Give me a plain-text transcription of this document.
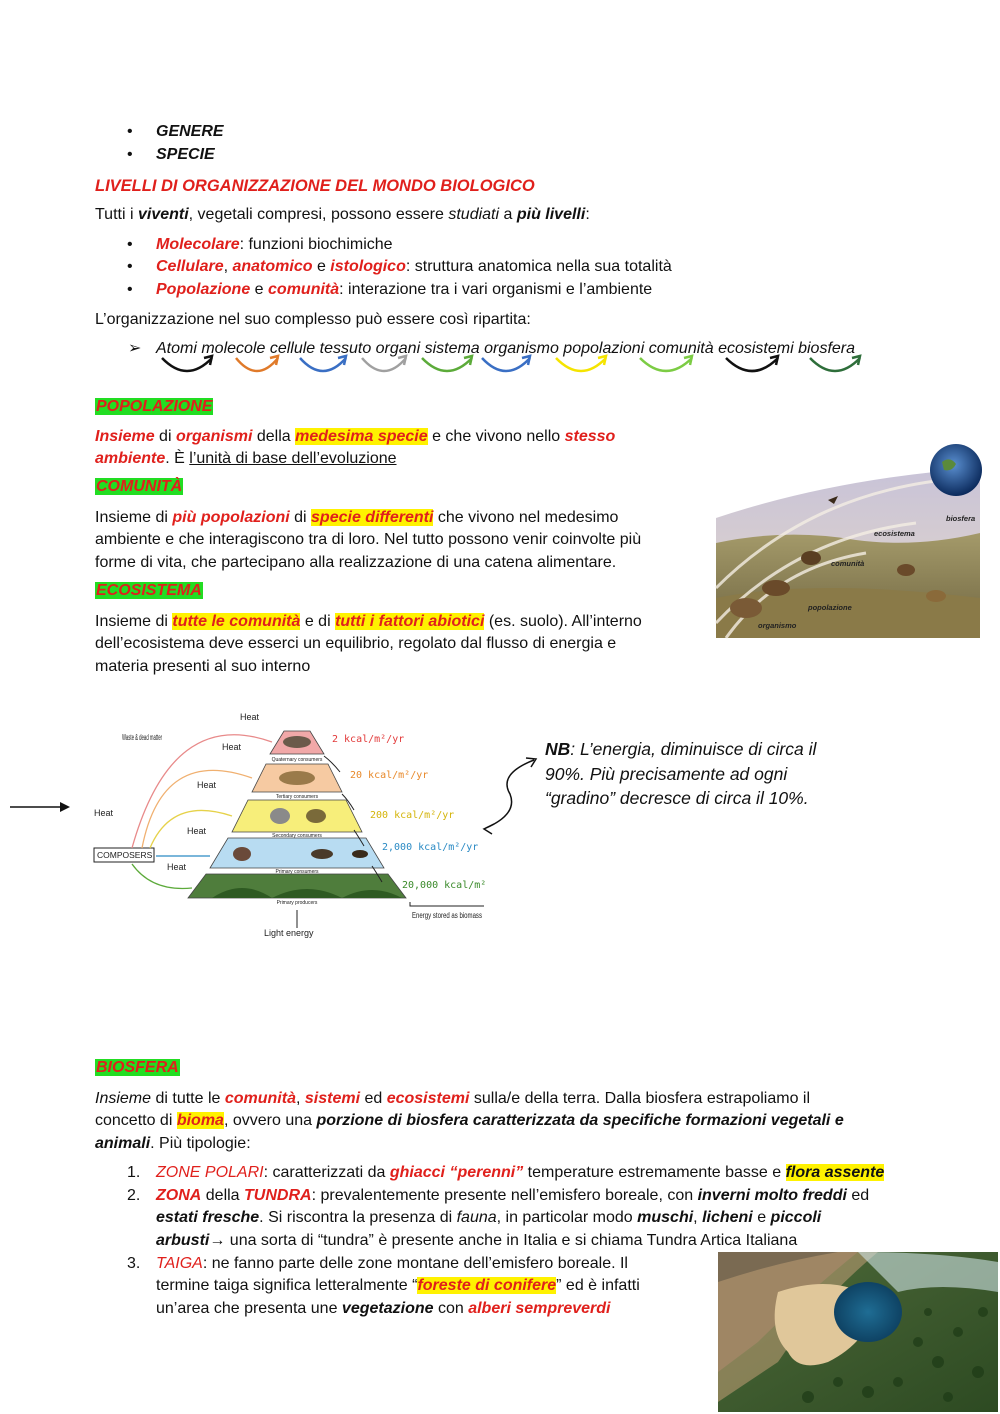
• GENERE
• SPECIE
LIVELLI DI ORGANIZZAZIONE DEL MONDO BIOLOGICO
Tutti i viventi, vegetali compresi, possono essere studiati a più livelli:
• Molecolare: funzioni biochimiche
• Cellulare, anatomico e istologico: struttura anatomica nella sua totalità
• Popolazione e comunità: interazione tra i vari organismi e l’ambiente
L’organizzazione nel suo complesso può essere così ripartita:
➢ Atomi molecole cellule tessuto organi sistema organismo popolazioni comunità ecosistemi biosfera
POPOLAZIONE
Insieme di organismi della medesima specie e che vivono nello stesso
ambiente. È l’unità di base dell’evoluzione
COMUNITÀ
Insieme di più popolazioni di specie differenti che vivono nel medesimo
ambiente e che interagiscono tra di loro. Nel tutto possono venir coinvolte più
forme di vita, che partecipano alla realizzazione di una catena alimentare.
ECOSISTEMA
Insieme di tutte le comunità e di tutti i fattori abiotici (es. suolo). All’interno
dell’ecosistema deve esserci un equilibrio, regolato dal flusso di energia e
materia presenti al suo interno
biosfera
ecosistema
comunità
popolazione
organismo
Quaternary consumers
Tertiary consumers
Secondary consumers
Primary consumers
Primary producers
2 kcal/m²/yr
20 kcal/m²/yr
200 kcal/m²/yr
2,000 kcal/m²/yr
20,000 kcal/m²
Heat
Heat
Heat
Heat
Heat
Heat
Waste & dead matter
COMPOSERS
Light energy
Energy stored as biomass
NB: L’energia, diminuisce di circa il
90%. Più precisamente ad ogni
“gradino” decresce di circa il 10%.
BIOSFERA
Insieme di tutte le comunità, sistemi ed ecosistemi sulla/e della terra. Dalla biosfera estrapoliamo il
concetto di bioma, ovvero una porzione di biosfera caratterizzata da specifiche formazioni vegetali e
animali. Più tipologie:
1. ZONE POLARI: caratterizzati da ghiacci “perenni” temperature estremamente basse e flora assente
2. ZONA della TUNDRA: prevalentemente presente nell’emisfero boreale, con inverni molto freddi ed
estati fresche. Si riscontra la presenza di fauna, in particolar modo muschi, licheni e piccoli
arbusti→ una sorta di “tundra” è presente anche in Italia e si chiama Tundra Artica Italiana
3. TAIGA: ne fanno parte delle zone montane dell’emisfero boreale. Il
termine taiga significa letteralmente “foreste di conifere” ed è infatti
un’area che presenta une vegetazione con alberi sempreverdi
